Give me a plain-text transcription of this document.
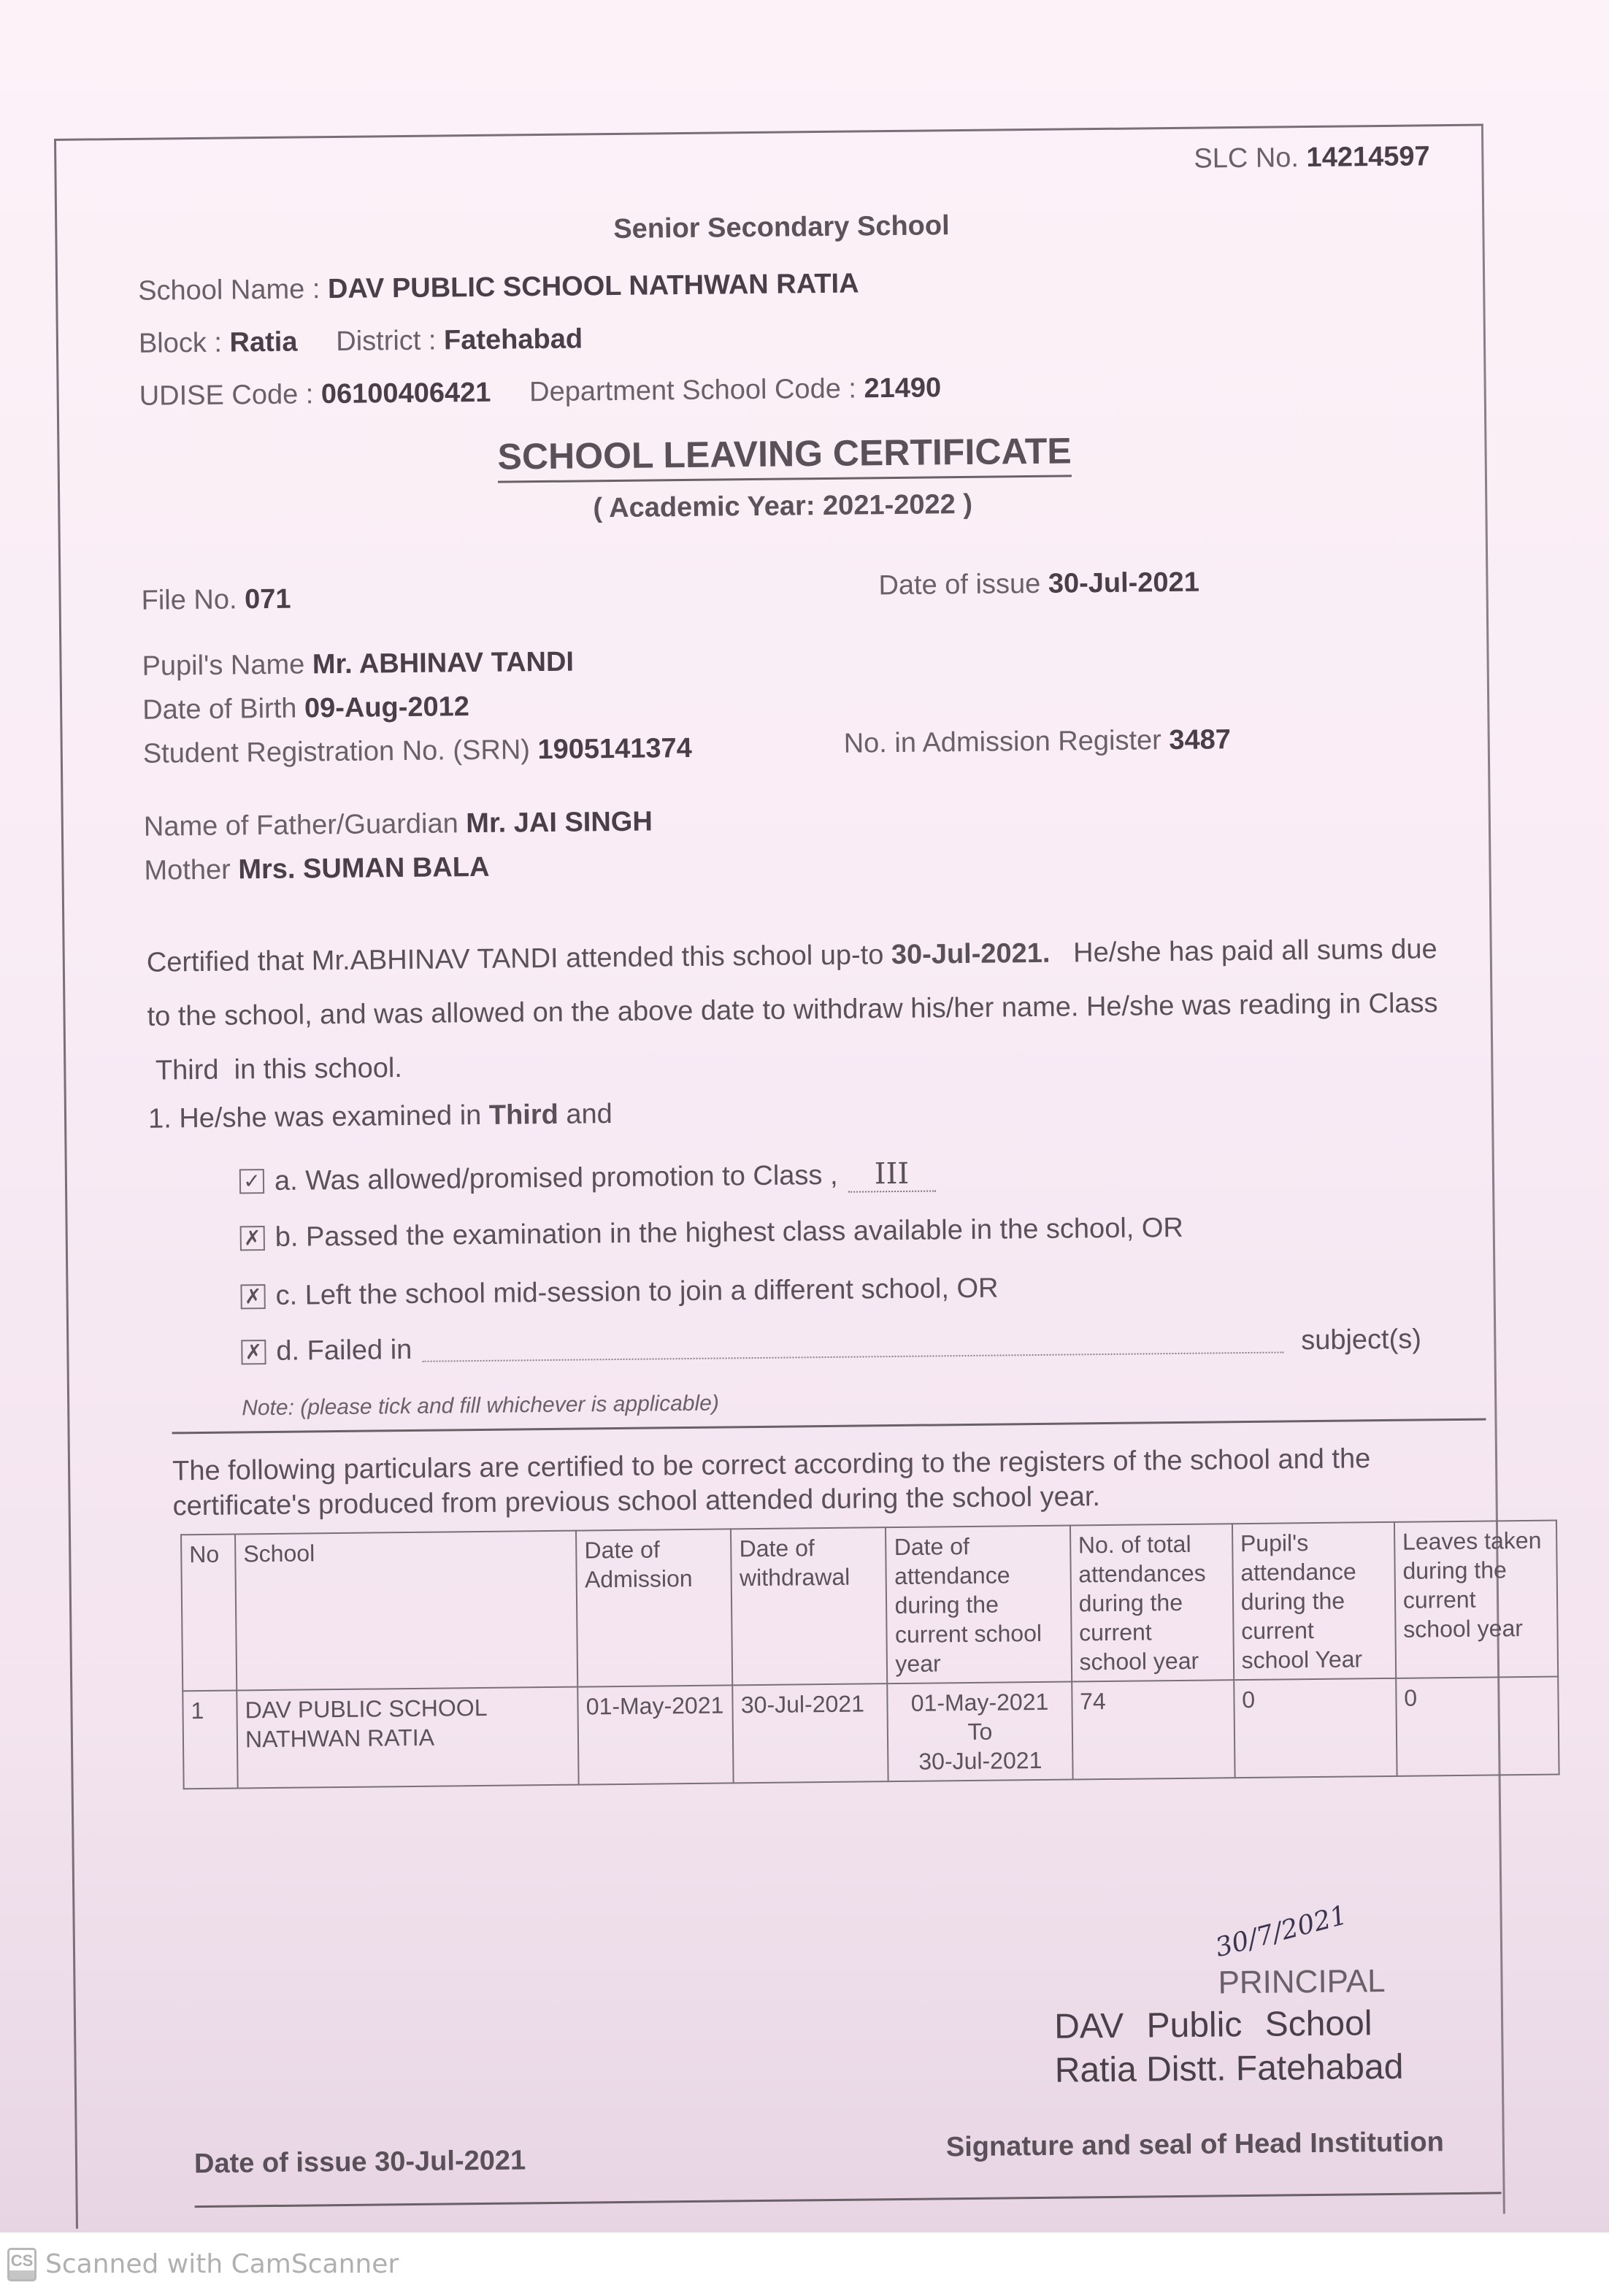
SLC No. 14214597
Senior Secondary School
School Name : DAV PUBLIC SCHOOL NATHWAN RATIA
Block : Ratia District : Fatehabad
UDISE Code : 06100406421 Department School Code : 21490
SCHOOL LEAVING CERTIFICATE
( Academic Year: 2021-2022 )
File No. 071	Date of issue 30-Jul-2021
Pupil's Name Mr. ABHINAV TANDI
Date of Birth 09-Aug-2012
Student Registration No. (SRN) 1905141374	No. in Admission Register 3487
Name of Father/Guardian Mr. JAI SINGH
Mother Mrs. SUMAN BALA
Certified that Mr.ABHINAV TANDI attended this school up-to 30-Jul-2021. He/she has paid all sums due to the school, and was allowed on the above date to withdraw his/her name. He/she was reading in Class  Third in this school.
1. He/she was examined in Third and
✓ a. Was allowed/promised promotion to Class ,	III
✗ b. Passed the examination in the highest class available in the school, OR
✗ c. Left the school mid-session to join a different school, OR
✗ d. Failed in	subject(s)
Note: (please tick and fill whichever is applicable)
The following particulars are certified to be correct according to the registers of the school and the certificate's produced from previous school attended during the school year.
No	School	Date of Admission	Date of withdrawal	Date of attendance during the current school year	No. of total attendances during the current school year	Pupil's attendance during the current school Year	Leaves taken during the current school year
1	DAV PUBLIC SCHOOL NATHWAN RATIA	01-May-2021	30-Jul-2021	01-May-2021
To
30-Jul-2021	74	0	0
30/7/2021
PRINCIPAL
DAV Public School
Ratia Distt. Fatehabad
Date of issue 30-Jul-2021	Signature and seal of Head Institution
CS Scanned with CamScanner
